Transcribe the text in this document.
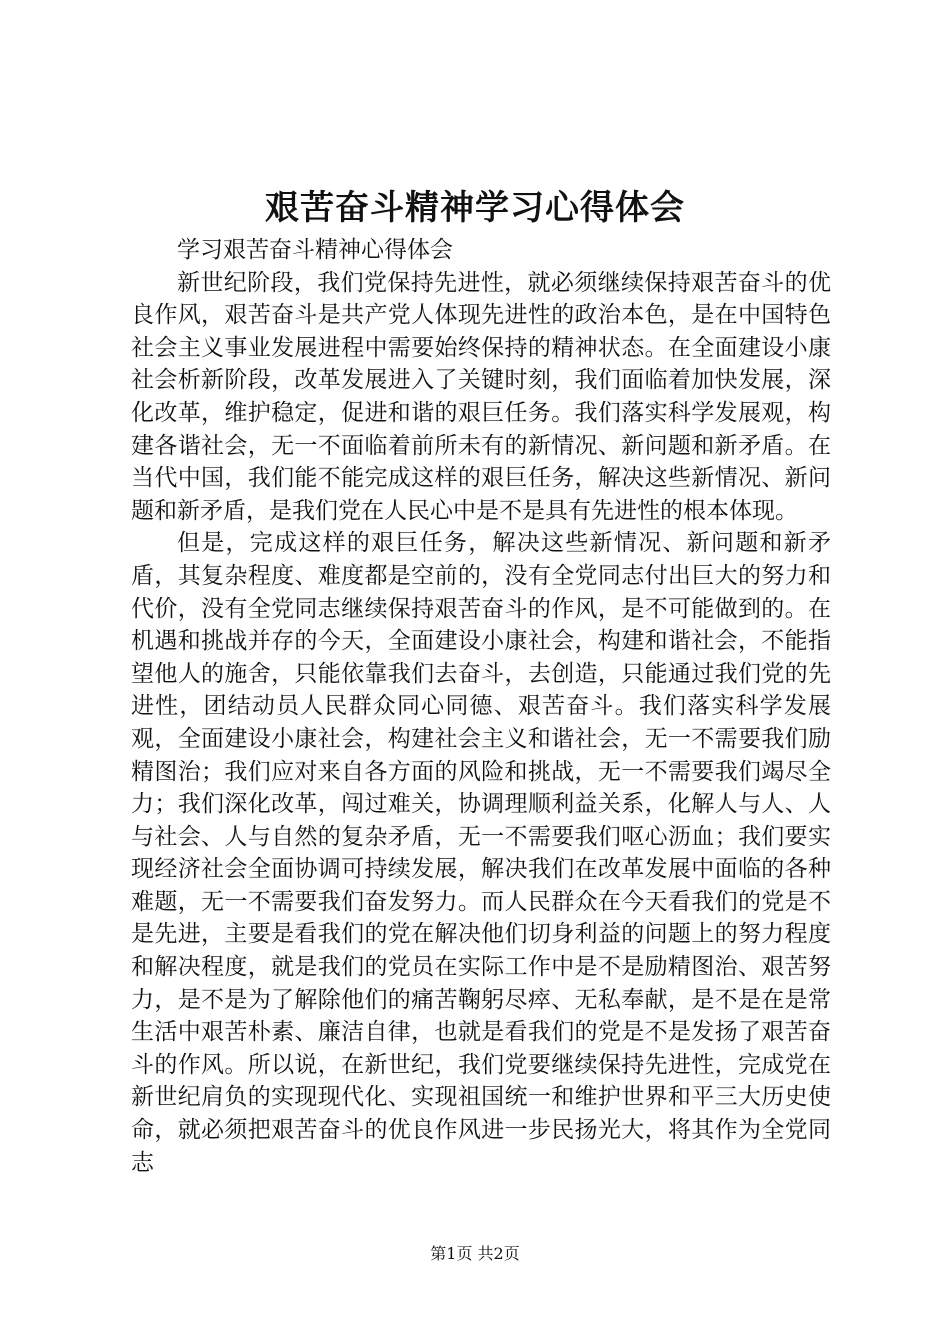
艰苦奋斗精神学习心得体会

学习艰苦奋斗精神心得体会

新世纪阶段，我们党保持先进性，就必须继续保持艰苦奋斗的优良作风，艰苦奋斗是共产党人体现先进性的政治本色，是在中国特色社会主义事业发展进程中需要始终保持的精神状态。在全面建设小康社会析新阶段，改革发展进入了关键时刻，我们面临着加快发展，深化改革，维护稳定，促进和谐的艰巨任务。我们落实科学发展观，构建各谐社会，无一不面临着前所未有的新情况、新问题和新矛盾。在当代中国，我们能不能完成这样的艰巨任务，解决这些新情况、新问题和新矛盾，是我们党在人民心中是不是具有先进性的根本体现。

但是，完成这样的艰巨任务，解决这些新情况、新问题和新矛盾，其复杂程度、难度都是空前的，没有全党同志付出巨大的努力和代价，没有全党同志继续保持艰苦奋斗的作风，是不可能做到的。在机遇和挑战并存的今天，全面建设小康社会，构建和谐社会，不能指望他人的施舍，只能依靠我们去奋斗，去创造，只能通过我们党的先进性，团结动员人民群众同心同德、艰苦奋斗。我们落实科学发展观，全面建设小康社会，构建社会主义和谐社会，无一不需要我们励精图治；我们应对来自各方面的风险和挑战，无一不需要我们竭尽全力；我们深化改革，闯过难关，协调理顺利益关系，化解人与人、人与社会、人与自然的复杂矛盾，无一不需要我们呕心沥血；我们要实现经济社会全面协调可持续发展，解决我们在改革发展中面临的各种难题，无一不需要我们奋发努力。而人民群众在今天看我们的党是不是先进，主要是看我们的党在解决他们切身利益的问题上的努力程度和解决程度，就是我们的党员在实际工作中是不是励精图治、艰苦努力，是不是为了解除他们的痛苦鞠躬尽瘁、无私奉献，是不是在是常生活中艰苦朴素、廉洁自律，也就是看我们的党是不是发扬了艰苦奋斗的作风。所以说，在新世纪，我们党要继续保持先进性，完成党在新世纪肩负的实现现代化、实现祖国统一和维护世界和平三大历史使命，就必须把艰苦奋斗的优良作风进一步民扬光大，将其作为全党同志

第1页 共2页
